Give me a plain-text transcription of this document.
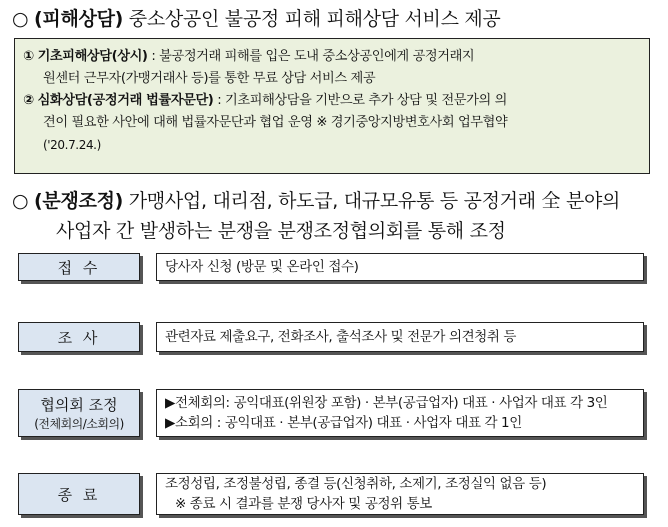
○ (피해상담) 중소상공인 불공정 피해 피해상담 서비스 제공
① 기초피해상담(상시) : 불공정거래 피해를 입은 도내 중소상공인에게 공정거래지
원센터 근무자(가맹거래사 등)를 통한 무료 상담 서비스 제공
② 심화상담(공정거래 법률자문단) : 기초피해상담을 기반으로 추가 상담 및 전문가의 의
견이 필요한 사안에 대해 법률자문단과 협업 운영 ※ 경기중앙지방변호사회 업무협약
('20.7.24.)
○ (분쟁조정) 가맹사업, 대리점, 하도급, 대규모유통 등 공정거래 全 분야의
사업자 간 발생하는 분쟁을 분쟁조정협의회를 통해 조정
접 수	당사자 신청 (방문 및 온라인 접수)
조 사	관련자료 제출요구, 전화조사, 출석조사 및 전문가 의견청취 등
협의회 조정
(전체회의/소회의)
▶전체회의: 공익대표(위원장 포함) · 본부(공급업자) 대표 · 사업자 대표 각 3인
▶소회의 : 공익대표 · 본부(공급업자) 대표 · 사업자 대표 각 1인
종 료
조정성립, 조정불성립, 종결 등(신청취하, 소제기, 조정실익 없음 등)
※ 종료 시 결과를 분쟁 당사자 및 공정위 통보
